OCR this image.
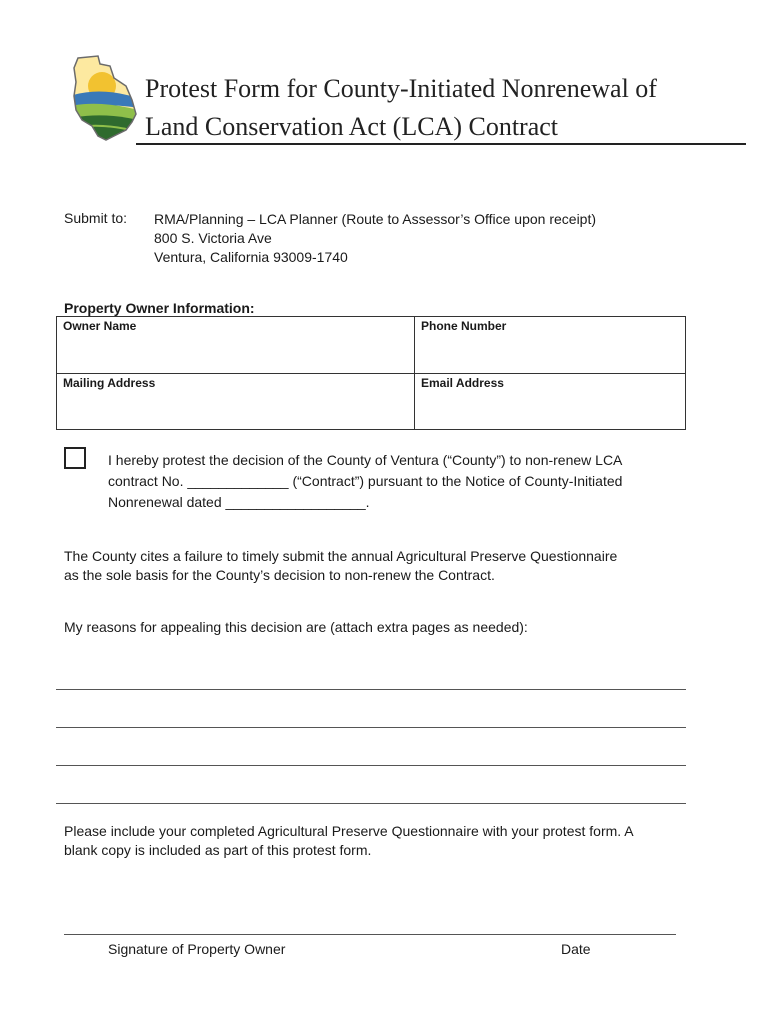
Protest Form for County-Initiated Nonrenewal of
Land Conservation Act (LCA) Contract
Submit to: RMA/Planning – LCA Planner (Route to Assessor’s Office upon receipt)
800 S. Victoria Ave
Ventura, California 93009-1740
Property Owner Information:
Owner Name	Phone Number
Mailing Address	Email Address
I hereby protest the decision of the County of Ventura (“County”) to non-renew LCA
contract No. _____________ (“Contract”) pursuant to the Notice of County-Initiated
Nonrenewal dated __________________.
The County cites a failure to timely submit the annual Agricultural Preserve Questionnaire
as the sole basis for the County’s decision to non-renew the Contract.
My reasons for appealing this decision are (attach extra pages as needed):
Please include your completed Agricultural Preserve Questionnaire with your protest form. A
blank copy is included as part of this protest form.
Signature of Property Owner	Date
